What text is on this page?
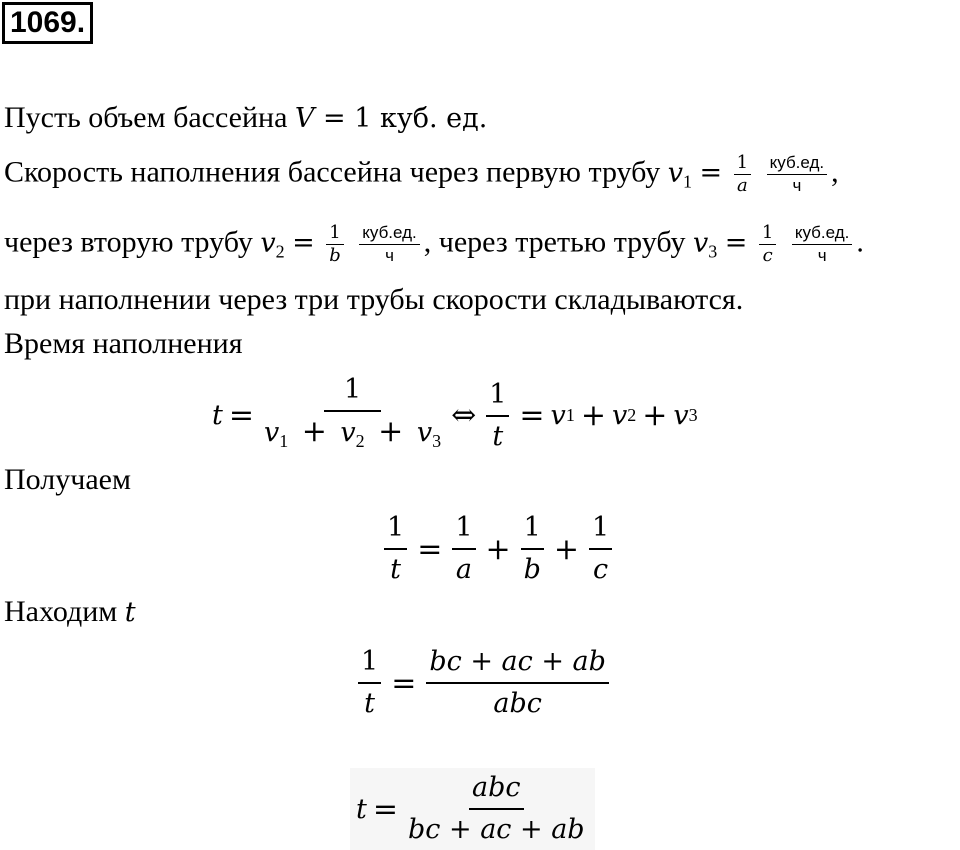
1069.
Пусть объем бассейна V = 1 куб. ед.
Скорость наполнения бассейна через первую трубу $v_1 = \frac{1}{a}$
$\frac{\text{куб.ед.}}{ч}$ ,
через вторую трубу $v_2 = \frac{1}{b}$
$\frac{\text{куб.ед.}}{ч}$ , через третью трубу $v_3 = \frac{1}{c}$
$\frac{\text{куб.ед.}}{ч}$ .
при наполнении через три трубы скорости складываются.
Время наполнения
$t = \frac{1}{v_1 + v_2 + v_3}$ ⇔ $\frac{1}{t} = v$ 1 + v 2 + v 3
Получаем
$\frac{1}{t} = \frac{1}{a} + \frac{1}{b} + \frac{1}{c}$
Находим t
$\frac{1}{t} = \frac{bc + ac + ab}{\text{abc}}$
$t = \frac{\text{abc}}{bc + ac + ab}$
